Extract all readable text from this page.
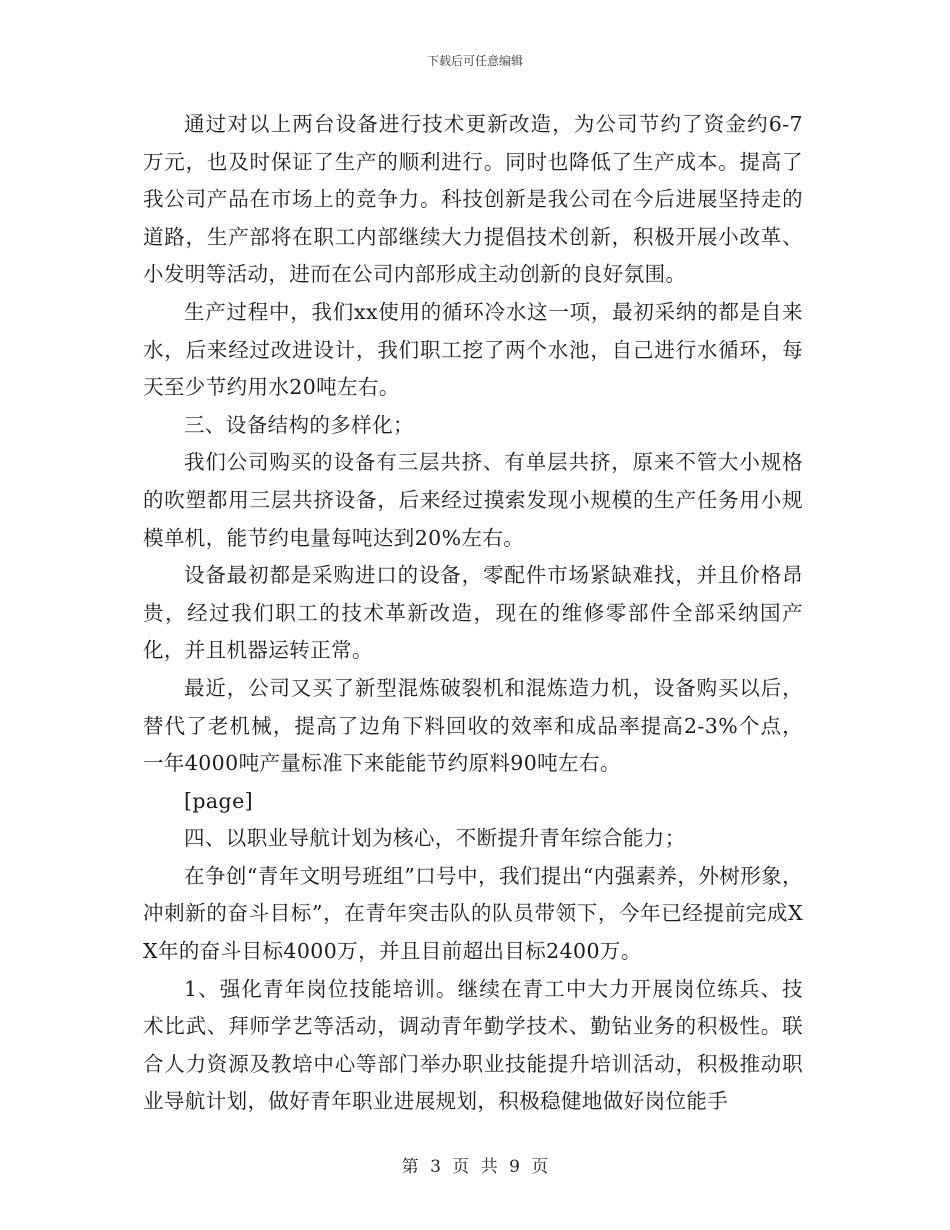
下载后可任意编辑

通过对以上两台设备进行技术更新改造，为公司节约了资金约6-7万元，也及时保证了生产的顺利进行。同时也降低了生产成本。提高了我公司产品在市场上的竞争力。科技创新是我公司在今后进展坚持走的道路，生产部将在职工内部继续大力提倡技术创新，积极开展小改革、小发明等活动，进而在公司内部形成主动创新的良好氛围。

生产过程中，我们xx使用的循环冷水这一项，最初采纳的都是自来水，后来经过改进设计，我们职工挖了两个水池，自己进行水循环，每天至少节约用水20吨左右。

三、设备结构的多样化；

我们公司购买的设备有三层共挤、有单层共挤，原来不管大小规格的吹塑都用三层共挤设备，后来经过摸索发现小规模的生产任务用小规模单机，能节约电量每吨达到20%左右。

设备最初都是采购进口的设备，零配件市场紧缺难找，并且价格昂贵，经过我们职工的技术革新改造，现在的维修零部件全部采纳国产化，并且机器运转正常。

最近，公司又买了新型混炼破裂机和混炼造力机，设备购买以后，替代了老机械，提高了边角下料回收的效率和成品率提高2-3%个点，一年4000吨产量标准下来能能节约原料90吨左右。

[page]

四、以职业导航计划为核心，不断提升青年综合能力；

在争创“青年文明号班组”口号中，我们提出“内强素养，外树形象，冲刺新的奋斗目标”，在青年突击队的队员带领下，今年已经提前完成XX年的奋斗目标4000万，并且目前超出目标2400万。

1、强化青年岗位技能培训。继续在青工中大力开展岗位练兵、技术比武、拜师学艺等活动，调动青年勤学技术、勤钻业务的积极性。联合人力资源及教培中心等部门举办职业技能提升培训活动，积极推动职业导航计划，做好青年职业进展规划，积极稳健地做好岗位能手

第 3 页 共 9 页
